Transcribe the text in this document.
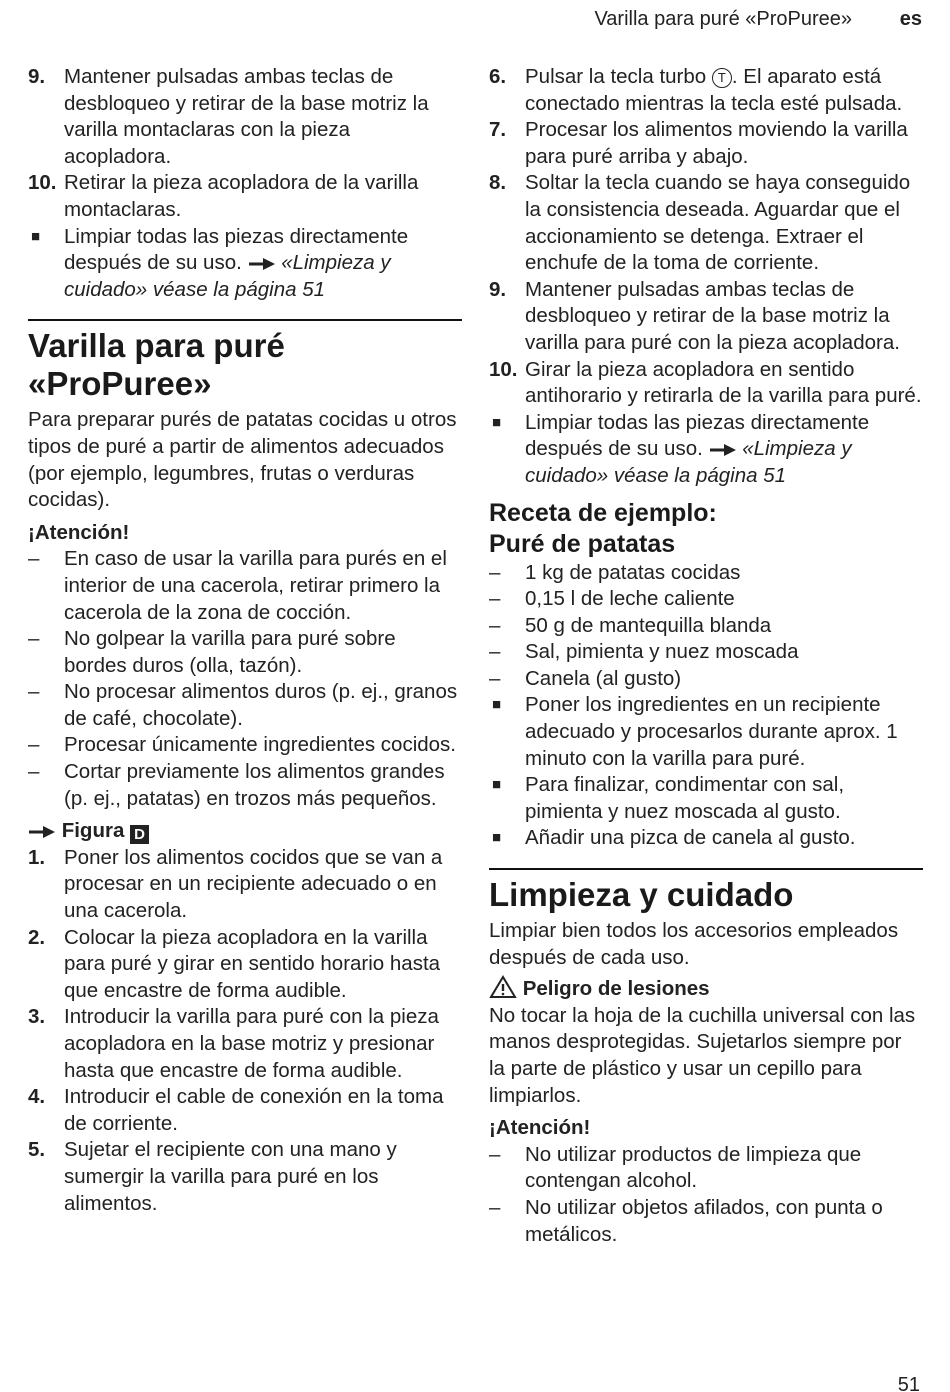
Varilla para puré «ProPuree» es
9. Mantener pulsadas ambas teclas de desbloqueo y retirar de la base motriz la varilla montaclaras con la pieza acopladora.
10. Retirar la pieza acopladora de la varilla montaclaras.
■ Limpiar todas las piezas directamente después de su uso. «Limpieza y cuidado» véase la página 51
Varilla para puré
«ProPuree»

Para preparar purés de patatas cocidas u otros tipos de puré a partir de alimentos adecuados (por ejemplo, legumbres, frutas o verduras cocidas).

¡Atención!

– En caso de usar la varilla para purés en el interior de una cacerola, retirar primero la cacerola de la zona de cocción.
– No golpear la varilla para puré sobre bordes duros (olla, tazón).
– No procesar alimentos duros (p. ej., granos de café, chocolate).
– Procesar únicamente ingredientes cocidos.
– Cortar previamente los alimentos grandes (p. ej., patatas) en trozos más pequeños.
Figura D
1. Poner los alimentos cocidos que se van a procesar en un recipiente adecuado o en una cacerola.
2. Colocar la pieza acopladora en la varilla para puré y girar en sentido horario hasta que encastre de forma audible.
3. Introducir la varilla para puré con la pieza acopladora en la base motriz y presionar hasta que encastre de forma audible.
4. Introducir el cable de conexión en la toma de corriente.
5. Sujetar el recipiente con una mano y sumergir la varilla para puré en los alimentos.
6. Pulsar la tecla turbo T . El aparato está conectado mientras la tecla esté pulsada.
7. Procesar los alimentos moviendo la varilla para puré arriba y abajo.
8. Soltar la tecla cuando se haya conseguido la consistencia deseada. Aguardar que el accionamiento se detenga. Extraer el enchufe de la toma de corriente.
9. Mantener pulsadas ambas teclas de desbloqueo y retirar de la base motriz la varilla para puré con la pieza acopladora.
10. Girar la pieza acopladora en sentido antihorario y retirarla de la varilla para puré.
■ Limpiar todas las piezas directamente después de su uso. «Limpieza y cuidado» véase la página 51
Receta de ejemplo:
Puré de patatas
– 1 kg de patatas cocidas
– 0,15 l de leche caliente
– 50 g de mantequilla blanda
– Sal, pimienta y nuez moscada
– Canela (al gusto)
■ Poner los ingredientes en un recipiente adecuado y procesarlos durante aprox. 1 minuto con la varilla para puré.
■ Para finalizar, condimentar con sal, pimienta y nuez moscada al gusto.
■ Añadir una pizca de canela al gusto.
Limpieza y cuidado

Limpiar bien todos los accesorios empleados después de cada uso.

Peligro de lesiones

No tocar la hoja de la cuchilla universal con las manos desprotegidas. Sujetarlos siempre por la parte de plástico y usar un cepillo para limpiarlos.

¡Atención!

– No utilizar productos de limpieza que contengan alcohol.
– No utilizar objetos afilados, con punta o metálicos.
51
